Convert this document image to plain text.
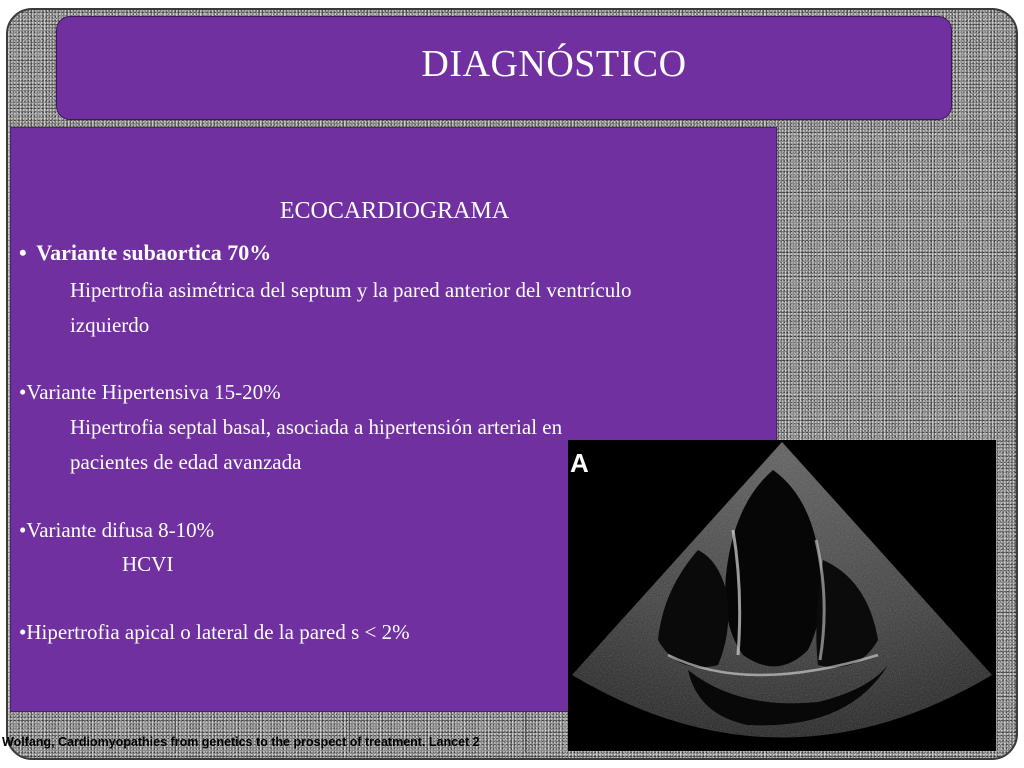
DIAGNÓSTICO
ECOCARDIOGRAMA
• Variante subaortica 70%
Hipertrofia asimétrica del septum y la pared anterior del ventrículo
izquierdo
•Variante Hipertensiva 15-20%
Hipertrofia septal basal, asociada a hipertensión arterial en
pacientes de edad avanzada
•Variante difusa 8-10%
HCVI
•Hipertrofia apical o lateral de la pared s < 2%
A
Wolfang, Cardiomyopathies from genetics to the prospect of treatment. Lancet 2	1637
